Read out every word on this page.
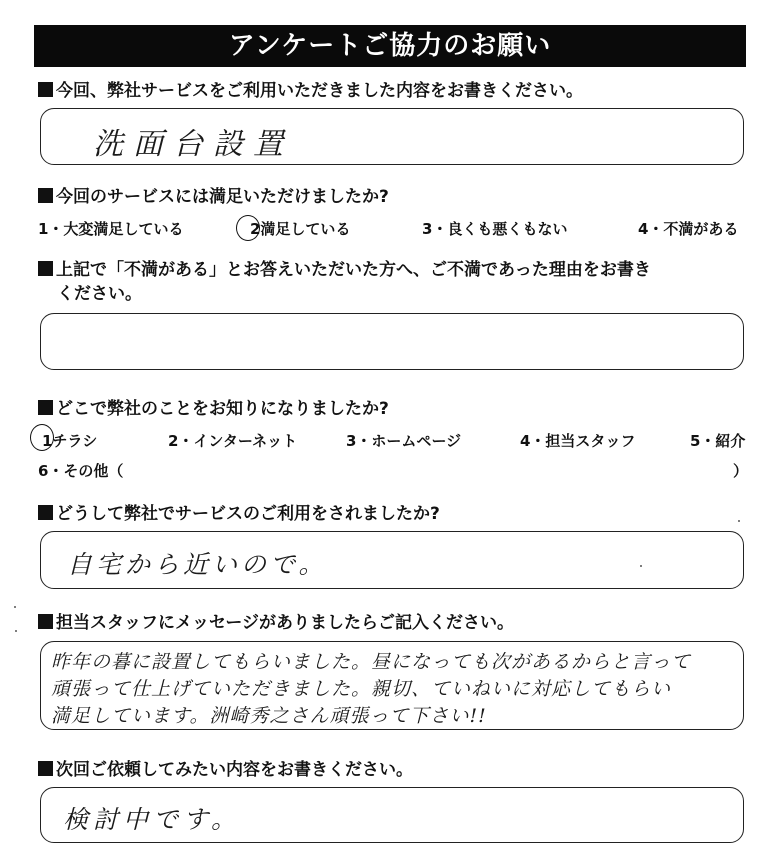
アンケートご協力のお願い
今回、弊社サービスをご利用いただきました内容をお書きください。
洗面台設置
今回のサービスには満足いただけましたか?
1・大変満足している	2満足している	3・良くも悪くもない	4・不満がある
上記で「不満がある」とお答えいただいた方へ、ご不満であった理由をお書き
ください。
どこで弊社のことをお知りになりましたか?
1チラシ	2・インターネット	3・ホームページ	4・担当スタッフ	5・紹介
6・その他（	）
どうして弊社でサービスのご利用をされましたか?
自宅から近いので。
担当スタッフにメッセージがありましたらご記入ください。
昨年の暮に設置してもらいました。昼になっても次があるからと言って
頑張って仕上げていただきました。親切、ていねいに対応してもらい
満足しています。洲崎秀之さん頑張って下さい!!
次回ご依頼してみたい内容をお書きください。
検討中です。
